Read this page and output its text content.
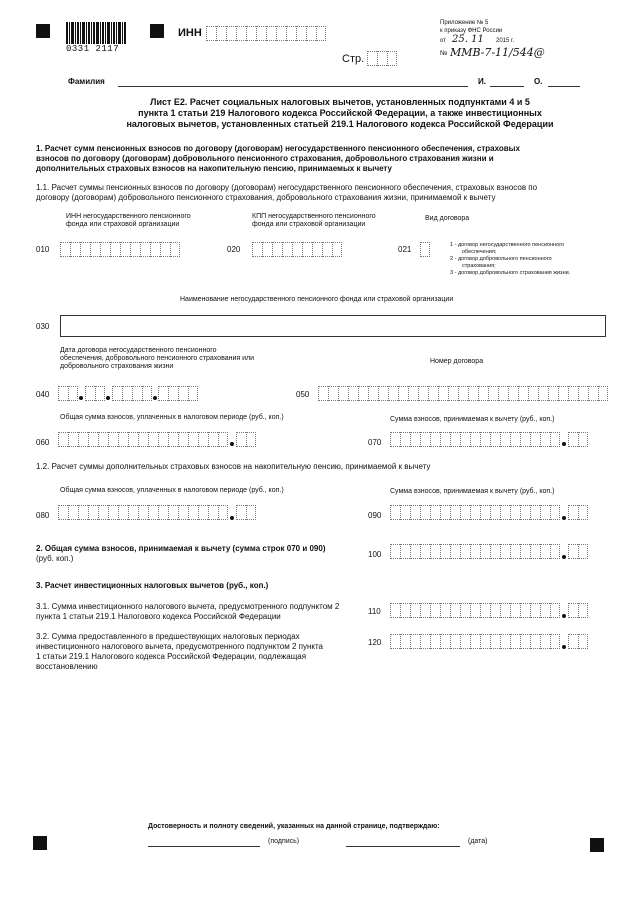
0331 2117
ИНН
Стр.
Приложение № 5
к приказу ФНС России
от 25. 11 2015 г.
№ ММВ-7-11/544@
Фамилия	И.	О.
Лист Е2. Расчет социальных налоговых вычетов, установленных подпунктами 4 и 5
пункта 1 статьи 219 Налогового кодекса Российской Федерации, а также инвестиционных
налоговых вычетов, установленных статьей 219.1 Налогового кодекса Российской Федерации
1. Расчет сумм пенсионных взносов по договору (договорам) негосударственного пенсионного обеспечения, страховых
взносов по договору (договорам) добровольного пенсионного страхования, добровольного страхования жизни и
дополнительных страховых взносов на накопительную пенсию, принимаемых к вычету
1.1. Расчет суммы пенсионных взносов по договору (договорам) негосударственного пенсионного обеспечения, страховых взносов по
договору (договорам) добровольного пенсионного страхования, добровольного страхования жизни, принимаемой к вычету
ИНН негосударственного пенсионного
фонда или страховой организации
КПП негосударственного пенсионного
фонда или страховой организации
Вид договора
010	020	021	1 - договор негосударственного пенсионного
обеспечения;
2 - договор добровольного пенсионного
страхования;
3 - договор добровольного страхования жизни.
Наименование негосударственного пенсионного фонда или страховой организации
030
Дата договора негосударственного пенсионного
обеспечения, добровольного пенсионного страхования или
добровольного страхования жизни
Номер договора
040	050
Общая сумма взносов, уплаченных в налоговом периоде (руб., коп.)	Сумма взносов, принимаемая к вычету (руб., коп.)
060	070
1.2. Расчет суммы дополнительных страховых взносов на накопительную пенсию, принимаемой к вычету
Общая сумма взносов, уплаченных в налоговом периоде (руб., коп.)	Сумма взносов, принимаемая к вычету (руб., коп.)
080	090
2. Общая сумма взносов, принимаемая к вычету (сумма строк 070 и 090)
(руб. коп.)	100
3. Расчет инвестиционных налоговых вычетов (руб., коп.)
3.1. Сумма инвестиционного налогового вычета, предусмотренного подпунктом 2
пункта 1 статьи 219.1 Налогового кодекса Российской Федерации
110
3.2. Сумма предоставленного в предшествующих налоговых периодах
инвестиционного налогового вычета, предусмотренного подпунктом 2 пункта
1 статьи 219.1 Налогового кодекса Российской Федерации, подлежащая
восстановлению
120
Достоверность и полноту сведений, указанных на данной странице, подтверждаю:
(подпись)	(дата)
